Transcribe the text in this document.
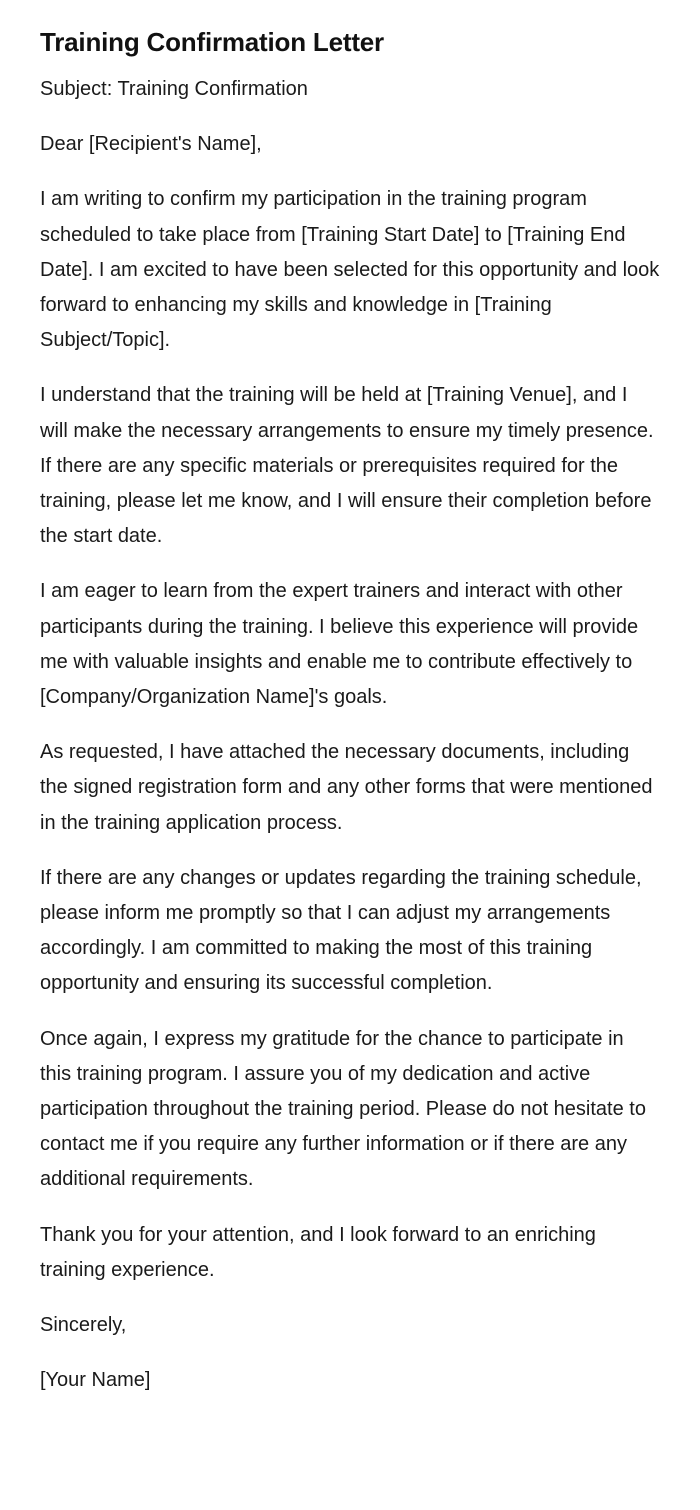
Training Confirmation Letter

Subject: Training Confirmation

Dear [Recipient's Name],

I am writing to confirm my participation in the training program scheduled to take place from [Training Start Date] to [Training End Date]. I am excited to have been selected for this opportunity and look forward to enhancing my skills and knowledge in [Training Subject/Topic].

I understand that the training will be held at [Training Venue], and I will make the necessary arrangements to ensure my timely presence. If there are any specific materials or prerequisites required for the training, please let me know, and I will ensure their completion before the start date.

I am eager to learn from the expert trainers and interact with other participants during the training. I believe this experience will provide me with valuable insights and enable me to contribute effectively to [Company/Organization Name]'s goals.

As requested, I have attached the necessary documents, including the signed registration form and any other forms that were mentioned in the training application process.

If there are any changes or updates regarding the training schedule, please inform me promptly so that I can adjust my arrangements accordingly. I am committed to making the most of this training opportunity and ensuring its successful completion.

Once again, I express my gratitude for the chance to participate in this training program. I assure you of my dedication and active participation throughout the training period. Please do not hesitate to contact me if you require any further information or if there are any additional requirements.

Thank you for your attention, and I look forward to an enriching training experience.

Sincerely,

[Your Name]
